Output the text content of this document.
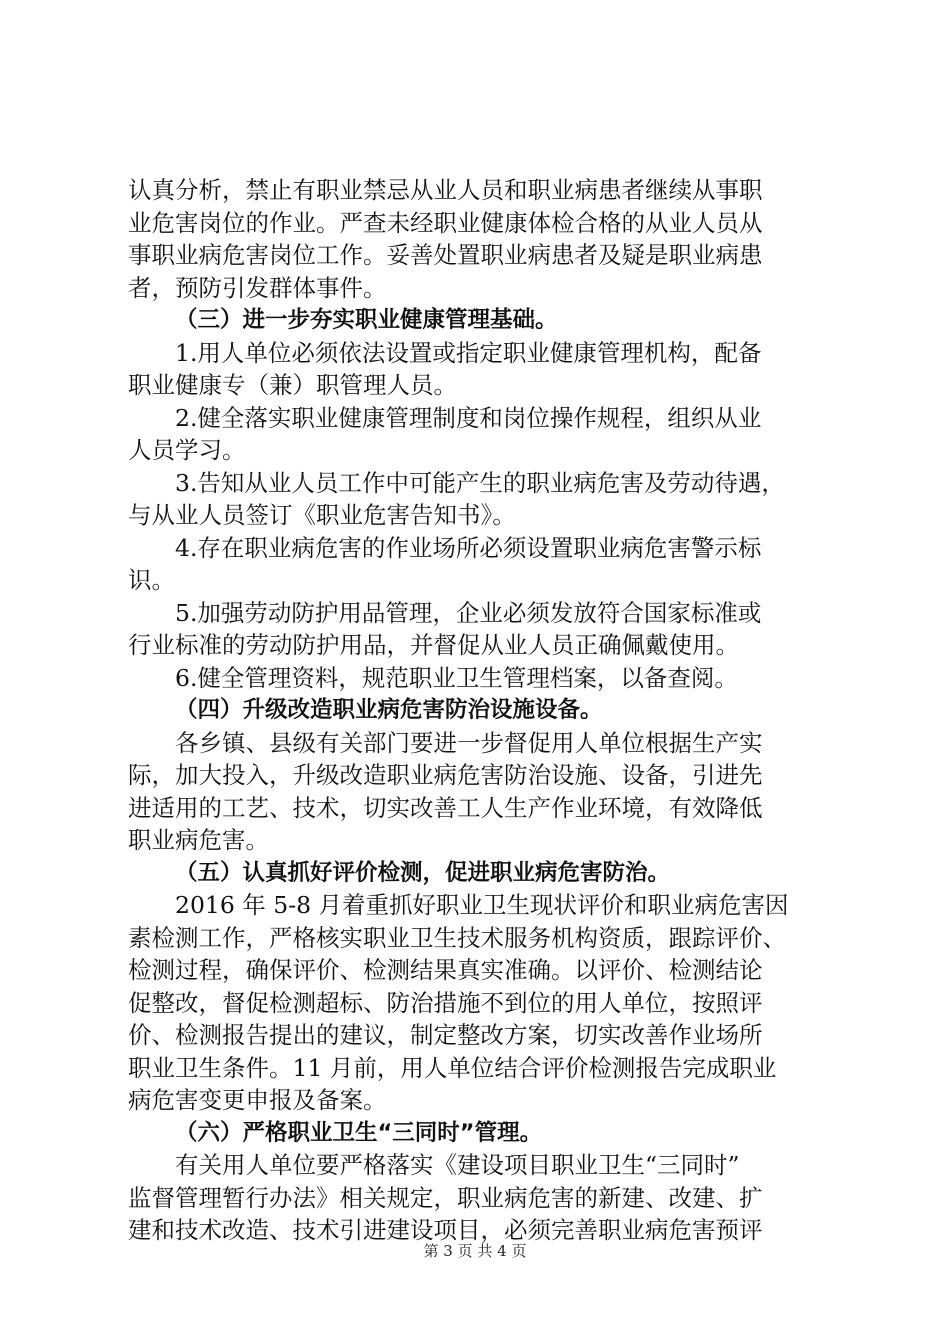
认真分析，禁止有职业禁忌从业人员和职业病患者继续从事职
业危害岗位的作业。严查未经职业健康体检合格的从业人员从
事职业病危害岗位工作。妥善处置职业病患者及疑是职业病患
者，预防引发群体事件。
（三）进一步夯实职业健康管理基础。
1.用人单位必须依法设置或指定职业健康管理机构，配备
职业健康专（兼）职管理人员。
2.健全落实职业健康管理制度和岗位操作规程，组织从业
人员学习。
3.告知从业人员工作中可能产生的职业病危害及劳动待遇，
与从业人员签订《职业危害告知书》。
4.存在职业病危害的作业场所必须设置职业病危害警示标
识。
5.加强劳动防护用品管理，企业必须发放符合国家标准或
行业标准的劳动防护用品，并督促从业人员正确佩戴使用。
6.健全管理资料，规范职业卫生管理档案，以备查阅。
（四）升级改造职业病危害防治设施设备。
各乡镇、县级有关部门要进一步督促用人单位根据生产实
际，加大投入，升级改造职业病危害防治设施、设备，引进先
进适用的工艺、技术，切实改善工人生产作业环境，有效降低
职业病危害。
（五）认真抓好评价检测，促进职业病危害防治。
2016 年 5-8 月着重抓好职业卫生现状评价和职业病危害因
素检测工作，严格核实职业卫生技术服务机构资质，跟踪评价、
检测过程，确保评价、检测结果真实准确。以评价、检测结论
促整改，督促检测超标、防治措施不到位的用人单位，按照评
价、检测报告提出的建议，制定整改方案，切实改善作业场所
职业卫生条件。11 月前，用人单位结合评价检测报告完成职业
病危害变更申报及备案。
（六）严格职业卫生“三同时”管理。
有关用人单位要严格落实《建设项目职业卫生“三同时”
监督管理暂行办法》相关规定，职业病危害的新建、改建、扩
建和技术改造、技术引进建设项目，必须完善职业病危害预评
第 3 页 共 4 页
